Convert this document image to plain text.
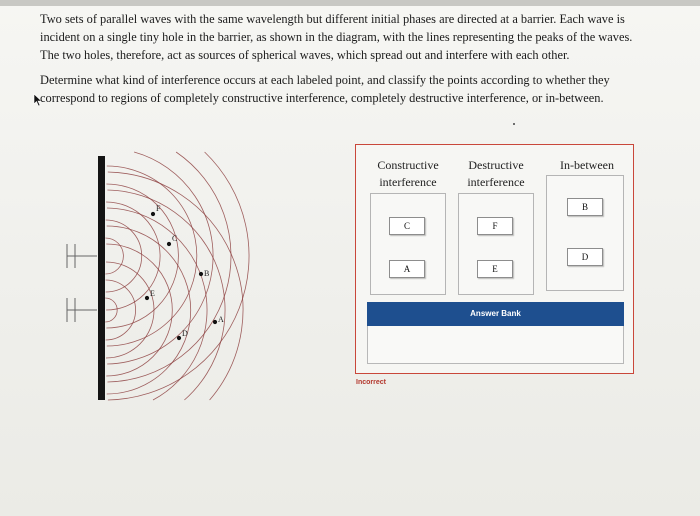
Two sets of parallel waves with the same wavelength but different initial phases are directed at a barrier. Each wave is incident on a single tiny hole in the barrier, as shown in the diagram, with the lines representing the peaks of the waves. The two holes, therefore, act as sources of spherical waves, which spread out and interfere with each other.
Determine what kind of interference occurs at each labeled point, and classify the points according to whether they correspond to regions of completely constructive interference, completely destructive interference, or in-between.
F
C
B
E
D
A
Constructive
interference
Destructive
interference
In-between
C
A
F
E
B
D
Answer Bank
Incorrect
